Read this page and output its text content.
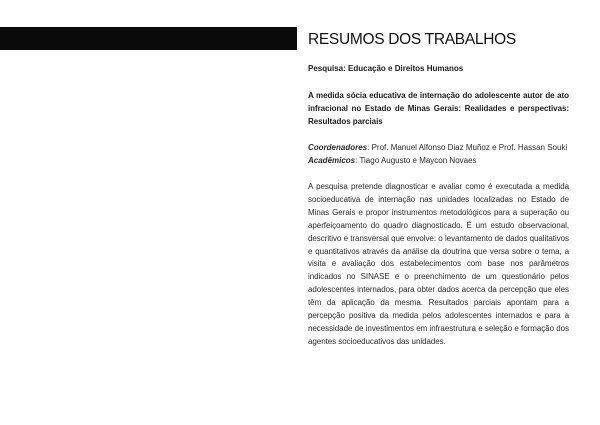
RESUMOS DOS TRABALHOS
Pesquisa: Educação e Direitos Humanos
A medida sócia educativa de internação do adolescente autor de ato infracional no Estado de Minas Gerais: Realidades e perspectivas: Resultados parciais
Coordenadores: Prof. Manuel Alfonso Diaz Muñoz e Prof. Hassan Souki
Acadêmicos: Tiago Augusto e Maycon Novaes

A pesquisa pretende diagnosticar e avaliar como é executada a medida socioeducativa de internação nas unidades localizadas no Estado de Minas Gerais e propor instrumentos metodológicos para a superação ou aperfeiçoamento do quadro diagnosticado. É um estudo observacional, descritivo e transversal que envolve: o levantamento de dados qualitativos e quantitativos através da análise da doutrina que versa sobre o tema, a visita e avaliação dos estabelecimentos com base nos parâmetros indicados no SINASE e o preenchimento de um questionário pelos adolescentes internados, para obter dados acerca da percepção que eles têm da aplicação da mesma. Resultados parciais apontam para a percepção positiva da medida pelos adolescentes internados e para a necessidade de investimentos em infraestrutura e seleção e formação dos agentes socioeducativos das unidades.
